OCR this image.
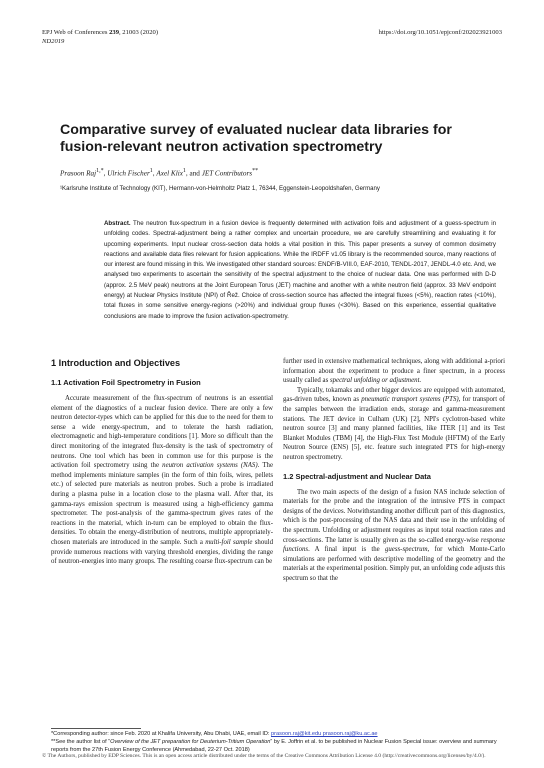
EPJ Web of Conferences 239, 21003 (2020)	https://doi.org/10.1051/epjconf/202023921003
ND2019
Comparative survey of evaluated nuclear data libraries for fusion-relevant neutron activation spectrometry
Prasoon Raj$^{1,*}$, Ulrich Fischer$^1$, Axel Klix$^1$, and JET Contributors**
¹Karlsruhe Institute of Technology (KIT), Hermann-von-Helmholtz Platz 1, 76344, Eggenstein-Leopoldshafen, Germany
Abstract. The neutron flux-spectrum in a fusion device is frequently determined with activation foils and adjustment of a guess-spectrum in unfolding codes. Spectral-adjustment being a rather complex and uncertain procedure, we are carefully streamlining and evaluating it for upcoming experiments. Input nuclear cross-section data holds a vital position in this. This paper presents a survey of common dosimetry reactions and available data files relevant for fusion applications. While the IRDFF v1.05 library is the recommended source, many reactions of our interest are found missing in this. We investigated other standard sources: ENDF/B-VIII.0, EAF-2010, TENDL-2017, JENDL-4.0 etc. And, we analysed two experiments to ascertain the sensitivity of the spectral adjustment to the choice of nuclear data. One was performed with D-D (approx. 2.5 MeV peak) neutrons at the Joint European Torus (JET) machine and another with a white neutron field (approx. 33 MeV endpoint energy) at Nuclear Physics Institute (NPI) of Řež. Choice of cross-section source has affected the integral fluxes (<5%), reaction rates (<10%), total fluxes in some sensitive energy-regions (>20%) and individual group fluxes (<30%). Based on this experience, essential qualitative conclusions are made to improve the fusion activation-spectrometry.
1 Introduction and Objectives
1.1 Activation Foil Spectrometry in Fusion

Accurate measurement of the flux-spectrum of neutrons is an essential element of the diagnostics of a nuclear fusion device. There are only a few neutron detector-types which can be applied for this due to the need for them to sense a wide energy-spectrum, and to tolerate the harsh radiation, electromagnetic and high-temperature conditions [1]. More so difficult than the direct monitoring of the integrated flux-density is the task of spectrometry of neutrons. One tool which has been in common use for this purpose is the activation foil spectrometry using the neutron activation systems (NAS). The method implements miniature samples (in the form of thin foils, wires, pellets etc.) of selected pure materials as neutron probes. Such a probe is irradiated during a plasma pulse in a location close to the plasma wall. After that, its gamma-rays emission spectrum is measured using a high-efficiency gamma spectrometer. The post-analysis of the gamma-spectrum gives rates of the reactions in the material, which in-turn can be employed to obtain the flux-densities. To obtain the energy-distribution of neutrons, multiple appropriately-chosen materials are introduced in the sample. Such a multi-foil sample should provide numerous reactions with varying threshold energies, dividing the range of neutron-energies into many groups. The resulting coarse flux-spectrum can be

further used in extensive mathematical techniques, along with additional a-priori information about the experiment to produce a finer spectrum, in a process usually called as spectral unfolding or adjustment.

Typically, tokamaks and other bigger devices are equipped with automated, gas-driven tubes, known as pneumatic transport systems (PTS), for transport of the samples between the irradiation ends, storage and gamma-measurement stations. The JET device in Culham (UK) [2], NPI's cyclotron-based white neutron source [3] and many planned facilities, like ITER [1] and its Test Blanket Modules (TBM) [4], the High-Flux Test Module (HFTM) of the Early Neutron Source (ENS) [5], etc. feature such integrated PTS for high-energy neutron spectrometry.

1.2 Spectral-adjustment and Nuclear Data

The two main aspects of the design of a fusion NAS include selection of materials for the probe and the integration of the intrusive PTS in compact designs of the devices. Notwithstanding another difficult part of this diagnostics, which is the post-processing of the NAS data and their use in the unfolding of the spectrum. Unfolding or adjustment requires as input total reaction rates and cross-sections. The latter is usually given as the so-called energy-wise response functions. A final input is the guess-spectrum, for which Monte-Carlo simulations are performed with descriptive modelling of the geometry and the materials at the experimental position. Simply put, an unfolding code adjusts this spectrum so that the

*Corresponding author: since Feb. 2020 at Khalifa University, Abu Dhabi, UAE, email ID: prasoon.raj@kit.edu prasoon.raj@ku.ac.ae
**See the author list of “Overview of the JET preparation for Deuterium-Tritium Operation” by E. Joffrin et al. to be published in Nuclear Fusion Special issue: overview and summary reports from the 27th Fusion Energy Conference (Ahmedabad, 22-27 Oct. 2018)
© The Authors, published by EDP Sciences. This is an open access article distributed under the terms of the Creative Commons Attribution License 4.0 (http://creativecommons.org/licenses/by/4.0/).
